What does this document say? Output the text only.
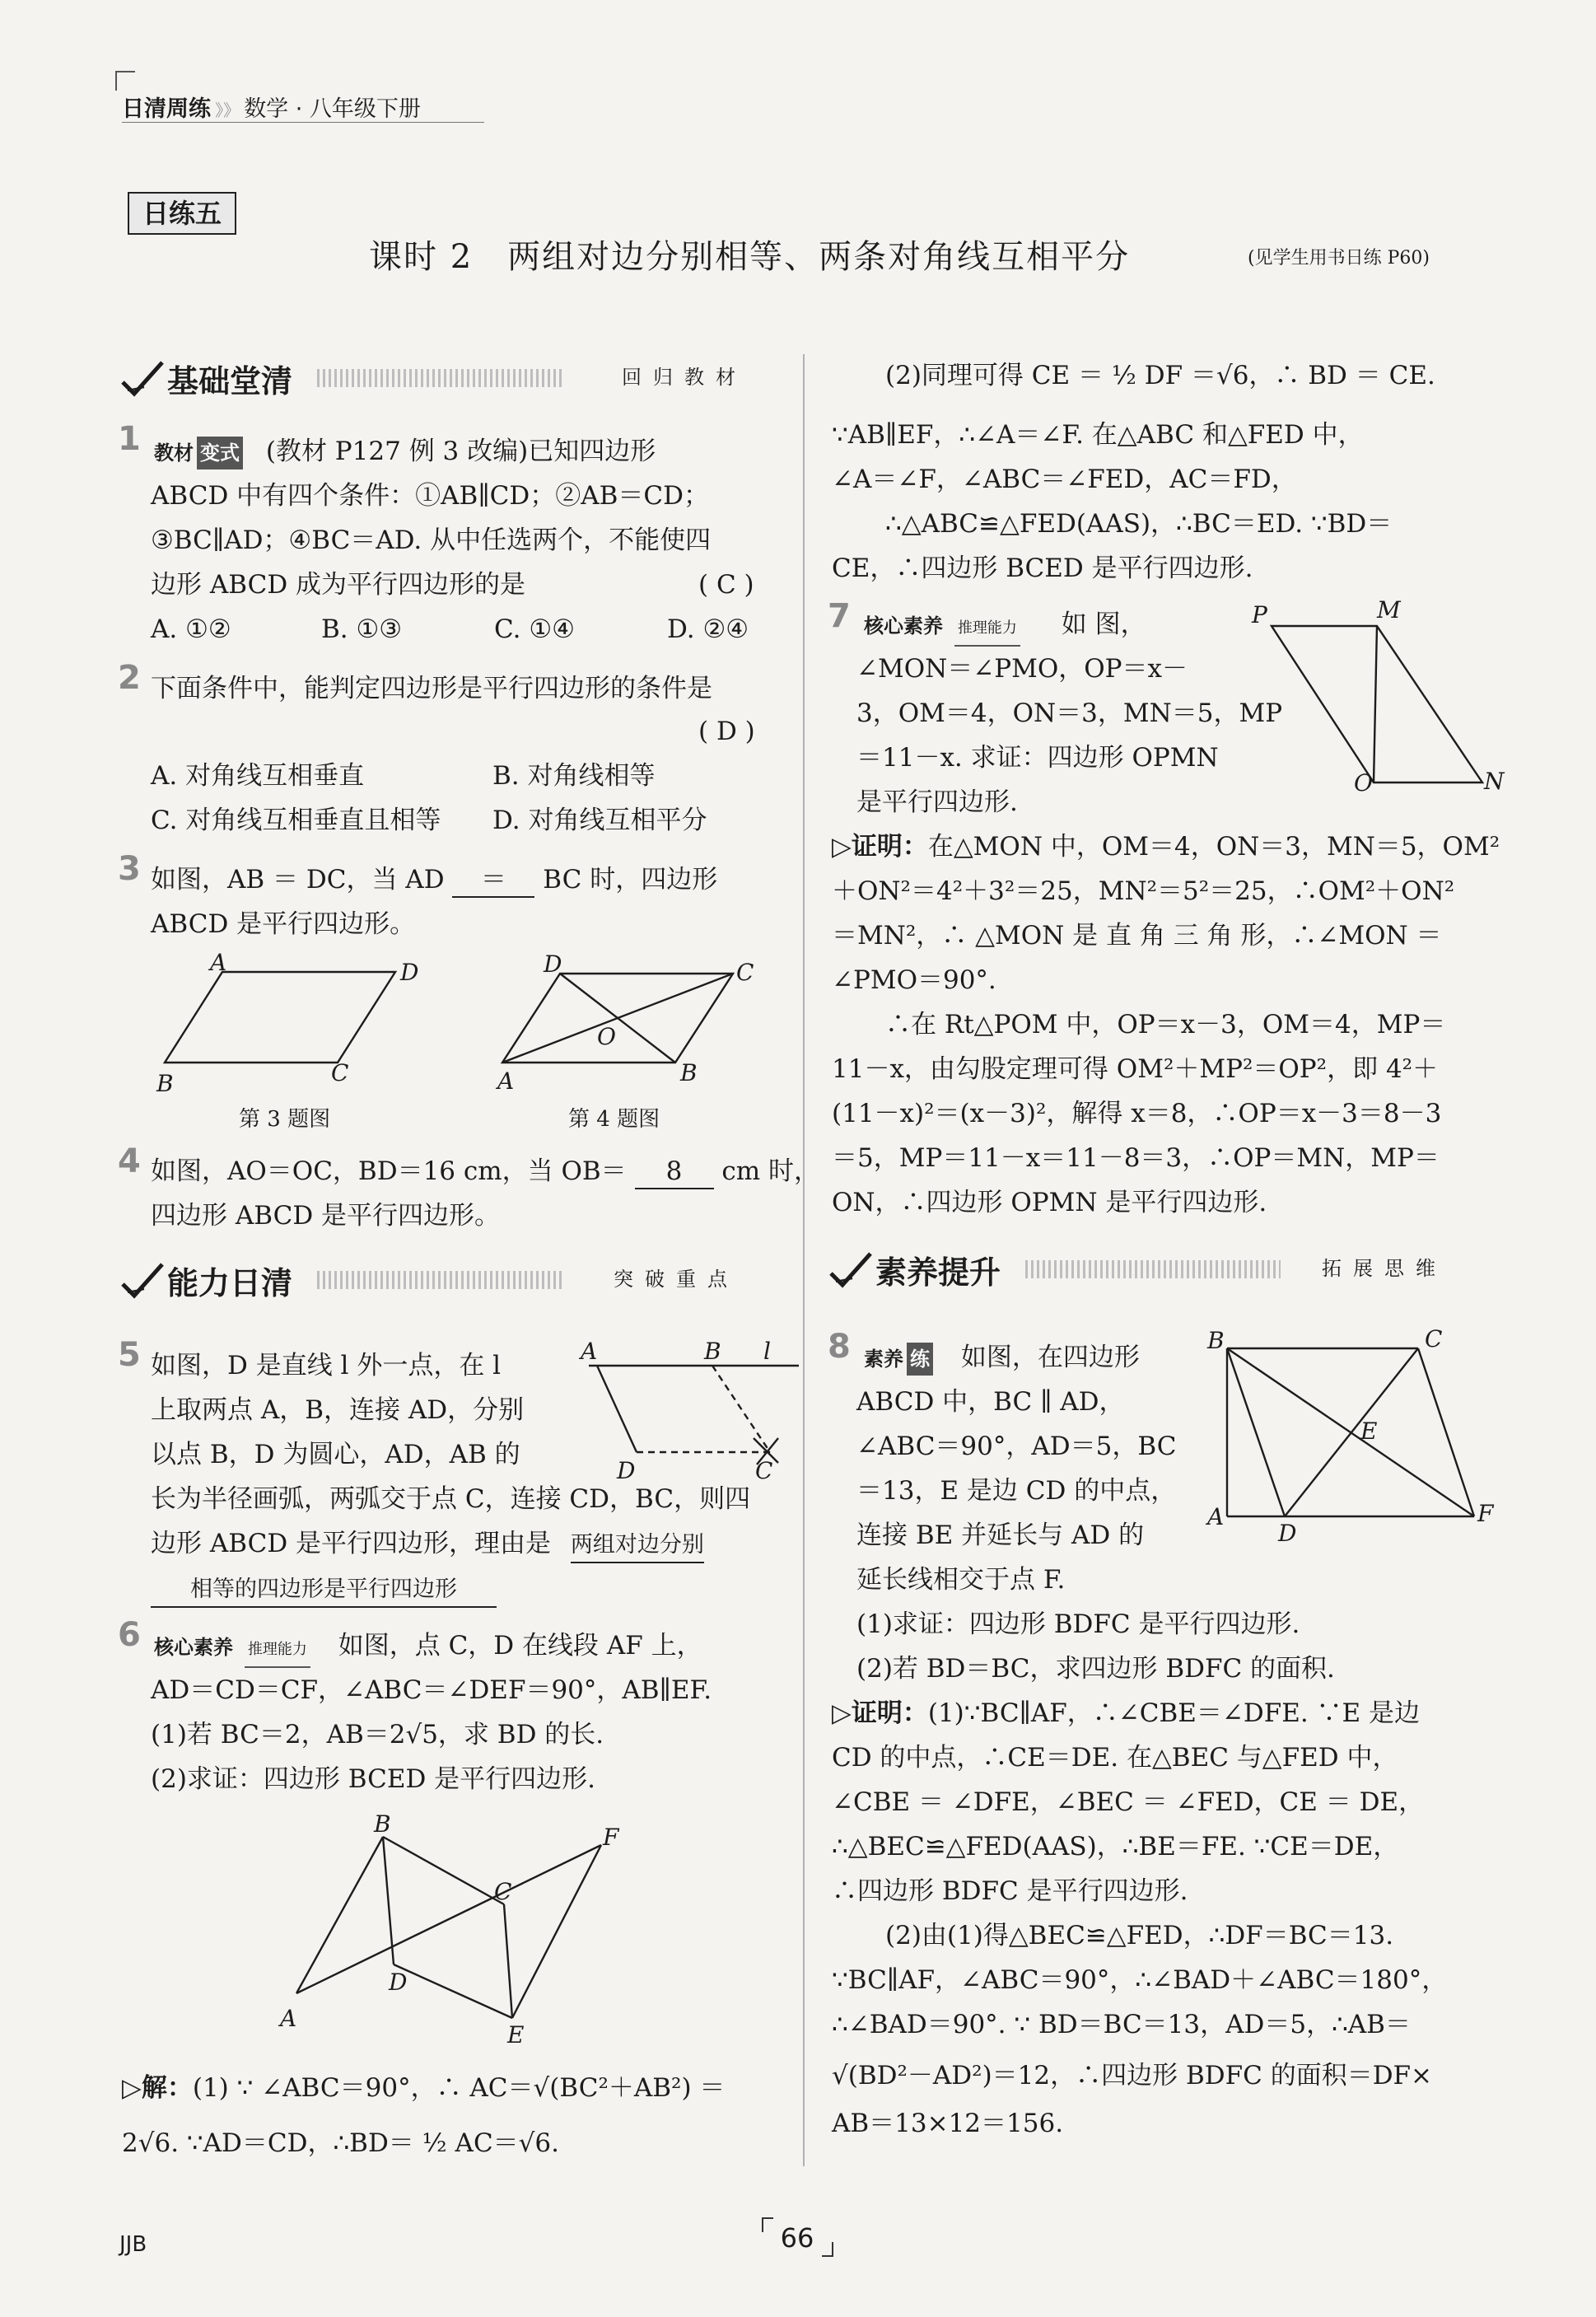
日清周练 》》 数学 · 八年级下册
日练五
课时 2　两组对边分别相等、两条对角线互相平分	(见学生用书日练 P60)
基础堂清	回归教材
1 教材 变式 (教材 P127 例 3 改编)已知四边形
ABCD 中有四个条件：①AB∥CD；②AB＝CD；
③BC∥AD；④BC＝AD. 从中任选两个，不能使四
边形 ABCD 成为平行四边形的是	( C )
A. ①②	B. ①③	C. ①④	D. ②④
2 下面条件中，能判定四边形是平行四边形的条件是
( D )
A. 对角线互相垂直	B. 对角线相等
C. 对角线互相垂直且相等 D. 对角线互相平分
3 如图，AB ＝ DC，当 AD ＝ BC 时，四边形
ABCD 是平行四边形。
A	D
B	C
D	C
A	B
O
第 3 题图	第 4 题图
4 如图，AO＝OC，BD＝16 cm，当 OB＝ 8 cm 时，
四边形 ABCD 是平行四边形。
能力日清	突破重点
5 如图，D 是直线 l 外一点，在 l
上取两点 A，B，连接 AD，分别
以点 B，D 为圆心，AD，AB 的
长为半径画弧，两弧交于点 C，连接 CD，BC，则四
边形 ABCD 是平行四边形，理由是 两组对边分别
相等的四边形是平行四边形
A	B l
D	C
6 核心素养 推理能力 如图，点 C，D 在线段 AF 上，
AD＝CD＝CF，∠ABC＝∠DEF＝90°，AB∥EF.
(1)若 BC＝2，AB＝2√5，求 BD 的长.
(2)求证：四边形 BCED 是平行四边形.
B	F
C
D
A
E
▷解：(1) ∵ ∠ABC＝90°，∴ AC＝√(BC²＋AB²) ＝
2√6. ∵AD＝CD，∴BD＝ ½ AC＝√6.
(2)同理可得 CE ＝ ½ DF ＝√6，∴ BD ＝ CE.
∵AB∥EF，∴∠A＝∠F. 在△ABC 和△FED 中，
∠A＝∠F，∠ABC＝∠FED，AC＝FD，
∴△ABC≌△FED(AAS)，∴BC＝ED. ∵BD＝
CE，∴四边形 BCED 是平行四边形.
7 核心素养 推理能力 如 图，
∠MON＝∠PMO，OP＝x－
3，OM＝4，ON＝3，MN＝5，MP
＝11－x. 求证：四边形 OPMN
是平行四边形.
P	M
O	N
▷证明：在△MON 中，OM＝4，ON＝3，MN＝5，OM²
＋ON²＝4²＋3²＝25，MN²＝5²＝25，∴OM²＋ON²
＝MN²，∴ △MON 是 直 角 三 角 形，∴∠MON ＝
∠PMO＝90°.
∴在 Rt△POM 中，OP＝x－3，OM＝4，MP＝
11－x，由勾股定理可得 OM²＋MP²＝OP²，即 4²＋
(11－x)²＝(x－3)²，解得 x＝8，∴OP＝x－3＝8－3
＝5，MP＝11－x＝11－8＝3，∴OP＝MN，MP＝
ON，∴四边形 OPMN 是平行四边形.
素养提升	拓展思维
8 素养 练 如图，在四边形
ABCD 中，BC ∥ AD，
∠ABC＝90°，AD＝5，BC
＝13，E 是边 CD 的中点，
连接 BE 并延长与 AD 的
延长线相交于点 F.
(1)求证：四边形 BDFC 是平行四边形.
(2)若 BD＝BC，求四边形 BDFC 的面积.
B	C
E
A
D
F
▷证明：(1)∵BC∥AF，∴∠CBE＝∠DFE. ∵E 是边
CD 的中点，∴CE＝DE. 在△BEC 与△FED 中，
∠CBE ＝ ∠DFE，∠BEC ＝ ∠FED，CE ＝ DE，
∴△BEC≌△FED(AAS)，∴BE＝FE. ∵CE＝DE，
∴四边形 BDFC 是平行四边形.
(2)由(1)得△BEC≌△FED，∴DF＝BC＝13.
∵BC∥AF，∠ABC＝90°，∴∠BAD＋∠ABC＝180°，
∴∠BAD＝90°. ∵ BD＝BC＝13，AD＝5，∴AB＝
√(BD²－AD²)＝12，∴四边形 BDFC 的面积＝DF×
AB＝13×12＝156.
JJB	66
